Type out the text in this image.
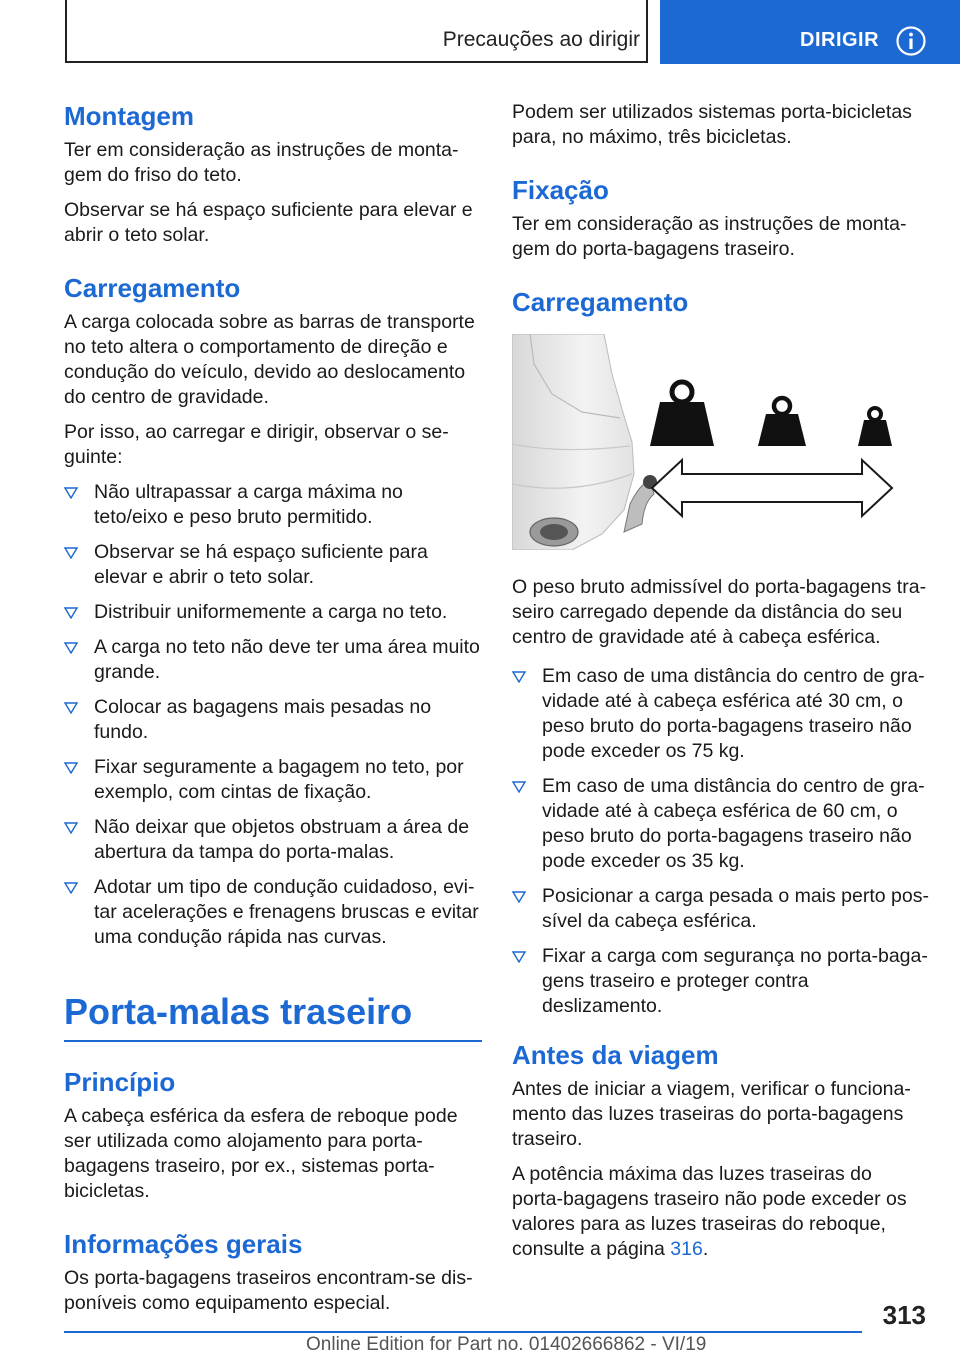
Precauções ao dirigir	DIRIGIR
Montagem

Ter em consideração as instruções de montagem do friso do teto.

Observar se há espaço suficiente para elevar e abrir o teto solar.

Carregamento

A carga colocada sobre as barras de transporte no teto altera o comportamento de direção e condução do veículo, devido ao deslocamento do centro de gravidade.

Por isso, ao carregar e dirigir, observar o seguinte:

Não ultrapassar a carga máxima no teto/eixo e peso bruto permitido.
Observar se há espaço suficiente para elevar e abrir o teto solar.
Distribuir uniformemente a carga no teto.
A carga no teto não deve ter uma área muito grande.
Colocar as bagagens mais pesadas no fundo.
Fixar seguramente a bagagem no teto, por exemplo, com cintas de fixação.
Não deixar que objetos obstruam a área de abertura da tampa do porta-malas.
Adotar um tipo de condução cuidadoso, evitar acelerações e frenagens bruscas e evitar uma condução rápida nas curvas.
Porta-malas traseiro
Princípio

A cabeça esférica da esfera de reboque pode ser utilizada como alojamento para porta-bagagens traseiro, por ex., sistemas porta-bicicletas.

Informações gerais

Os porta-bagagens traseiros encontram-se disponíveis como equipamento especial.

Podem ser utilizados sistemas porta-bicicletas para, no máximo, três bicicletas.

Fixação

Ter em consideração as instruções de montagem do porta-bagagens traseiro.

Carregamento

O peso bruto admissível do porta-bagagens traseiro carregado depende da distância do seu centro de gravidade até à cabeça esférica.

Em caso de uma distância do centro de gravidade até à cabeça esférica até 30 cm, o peso bruto do porta-bagagens traseiro não pode exceder os 75 kg.
Em caso de uma distância do centro de gravidade até à cabeça esférica de 60 cm, o peso bruto do porta-bagagens traseiro não pode exceder os 35 kg.
Posicionar a carga pesada o mais perto possível da cabeça esférica.
Fixar a carga com segurança no porta-bagagens traseiro e proteger contra deslizamento.
Antes da viagem

Antes de iniciar a viagem, verificar o funcionamento das luzes traseiras do porta-bagagens traseiro.

A potência máxima das luzes traseiras do porta-bagagens traseiro não pode exceder os valores para as luzes traseiras do reboque, consulte a página 316.

313
Online Edition for Part no. 01402666862 - VI/19
